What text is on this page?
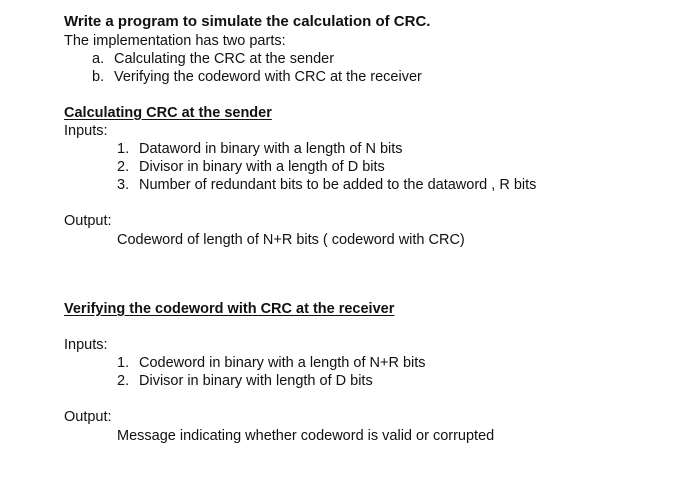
Write a program to simulate the calculation of CRC.
The implementation has two parts:
a. Calculating the CRC at the sender
b. Verifying the codeword with CRC at the receiver
Calculating CRC at the sender
Inputs:
1. Dataword in binary with a length of N bits
2. Divisor in binary with a length of D bits
3. Number of redundant bits to be added to the dataword , R bits
Output:
Codeword of length of N+R bits ( codeword with CRC)
Verifying the codeword with CRC at the receiver
Inputs:
1. Codeword in binary with a length of N+R bits
2. Divisor in binary with length of D bits
Output:
Message indicating whether codeword is valid or corrupted
